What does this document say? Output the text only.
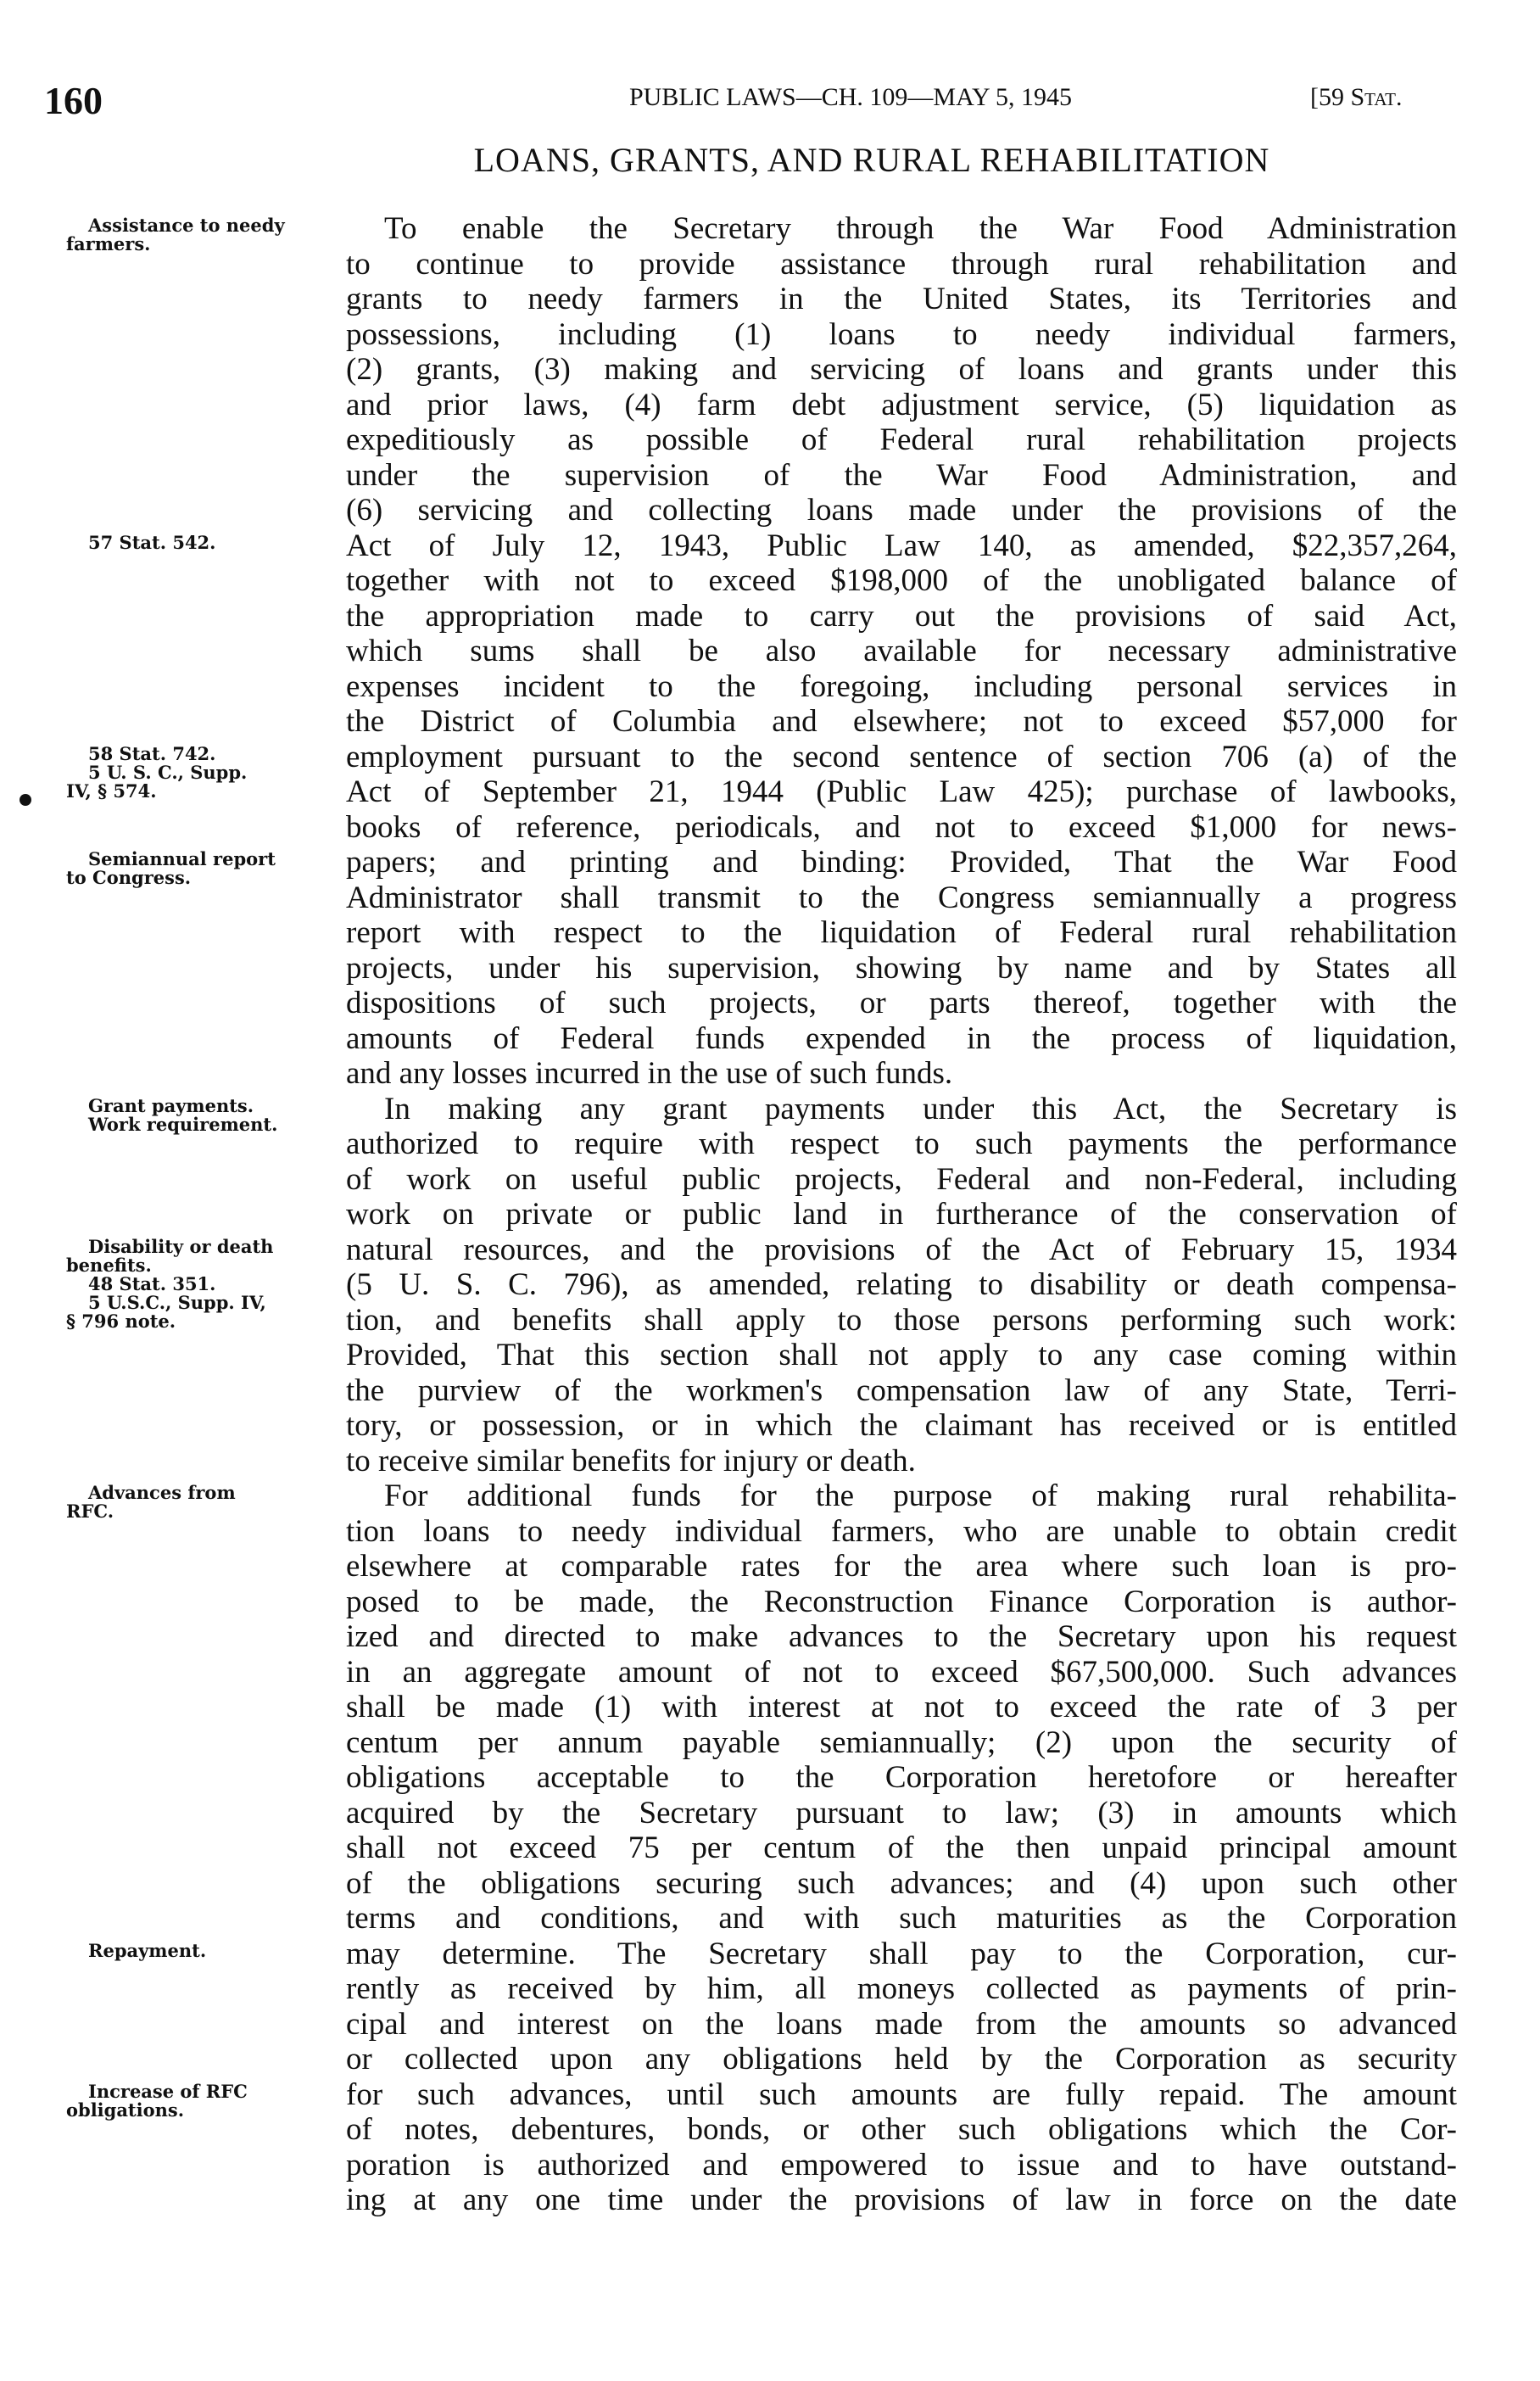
160	PUBLIC LAWS—CH. 109—MAY 5, 1945	[59 Stat.
LOANS, GRANTS, AND RURAL REHABILITATION
To enable the Secretary through the War Food Administration
to continue to provide assistance through rural rehabilitation and
grants to needy farmers in the United States, its Territories and
possessions, including (1) loans to needy individual farmers,
(2) grants, (3) making and servicing of loans and grants under this
and prior laws, (4) farm debt adjustment service, (5) liquidation as
expeditiously as possible of Federal rural rehabilitation projects
under the supervision of the War Food Administration, and
(6) servicing and collecting loans made under the provisions of the
Act of July 12, 1943, Public Law 140, as amended, $22,357,264,
together with not to exceed $198,000 of the unobligated balance of
the appropriation made to carry out the provisions of said Act,
which sums shall be also available for necessary administrative
expenses incident to the foregoing, including personal services in
the District of Columbia and elsewhere; not to exceed $57,000 for
employment pursuant to the second sentence of section 706 (a) of the
Act of September 21, 1944 (Public Law 425); purchase of lawbooks,
books of reference, periodicals, and not to exceed $1,000 for news-
papers; and printing and binding: Provided, That the War Food
Administrator shall transmit to the Congress semiannually a progress
report with respect to the liquidation of Federal rural rehabilitation
projects, under his supervision, showing by name and by States all
dispositions of such projects, or parts thereof, together with the
amounts of Federal funds expended in the process of liquidation,
and any losses incurred in the use of such funds.
In making any grant payments under this Act, the Secretary is
authorized to require with respect to such payments the performance
of work on useful public projects, Federal and non-Federal, including
work on private or public land in furtherance of the conservation of
natural resources, and the provisions of the Act of February 15, 1934
(5 U. S. C. 796), as amended, relating to disability or death compensa-
tion, and benefits shall apply to those persons performing such work:
Provided, That this section shall not apply to any case coming within
the purview of the workmen's compensation law of any State, Terri-
tory, or possession, or in which the claimant has received or is entitled
to receive similar benefits for injury or death.
For additional funds for the purpose of making rural rehabilita-
tion loans to needy individual farmers, who are unable to obtain credit
elsewhere at comparable rates for the area where such loan is pro-
posed to be made, the Reconstruction Finance Corporation is author-
ized and directed to make advances to the Secretary upon his request
in an aggregate amount of not to exceed $67,500,000. Such advances
shall be made (1) with interest at not to exceed the rate of 3 per
centum per annum payable semiannually; (2) upon the security of
obligations acceptable to the Corporation heretofore or hereafter
acquired by the Secretary pursuant to law; (3) in amounts which
shall not exceed 75 per centum of the then unpaid principal amount
of the obligations securing such advances; and (4) upon such other
terms and conditions, and with such maturities as the Corporation
may determine. The Secretary shall pay to the Corporation, cur-
rently as received by him, all moneys collected as payments of prin-
cipal and interest on the loans made from the amounts so advanced
or collected upon any obligations held by the Corporation as security
for such advances, until such amounts are fully repaid. The amount
of notes, debentures, bonds, or other such obligations which the Cor-
poration is authorized and empowered to issue and to have outstand-
ing at any one time under the provisions of law in force on the date
Assistance to needy
farmers.
57 Stat. 542.
58 Stat. 742.
5 U. S. C., Supp.
IV, § 574.
Semiannual report
to Congress.
Grant payments.
Work requirement.
Disability or death
benefits.
48 Stat. 351.
5 U.S.C., Supp. IV,
§ 796 note.
Advances from
RFC.
Repayment.
Increase of RFC
obligations.
